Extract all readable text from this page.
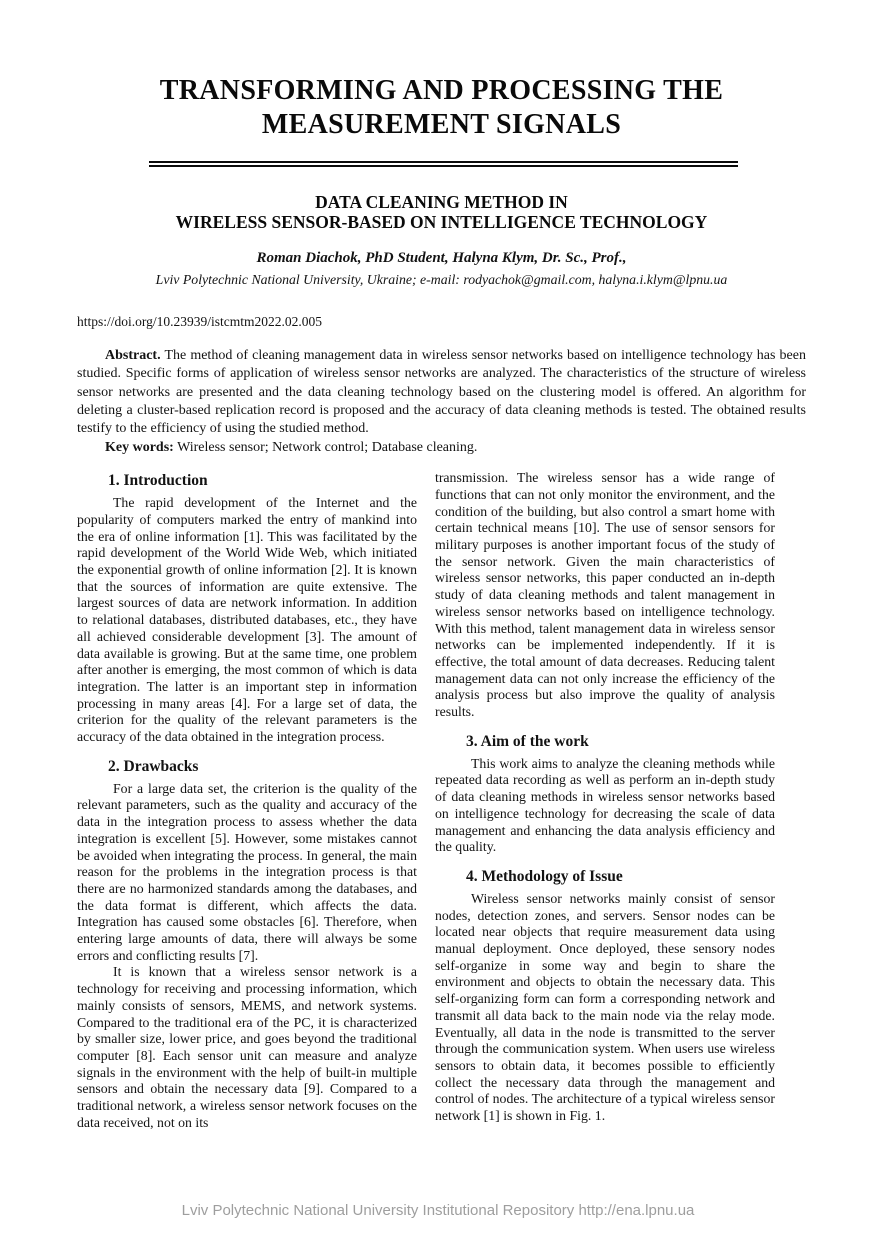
TRANSFORMING AND PROCESSING THE
MEASUREMENT SIGNALS
DATA CLEANING METHOD IN
WIRELESS SENSOR-BASED ON INTELLIGENCE TECHNOLOGY
Roman Diachok, PhD Student, Halyna Klym, Dr. Sc., Prof.,
Lviv Polytechnic National University, Ukraine; e-mail: rodyachok@gmail.com, halyna.i.klym@lpnu.ua
https://doi.org/10.23939/istcmtm2022.02.005

Abstract. The method of cleaning management data in wireless sensor networks based on intelligence technology has been studied. Specific forms of application of wireless sensor networks are analyzed. The characteristics of the structure of wireless sensor networks are presented and the data cleaning technology based on the clustering model is offered. An algorithm for deleting a cluster-based replication record is proposed and the accuracy of data cleaning methods is tested. The obtained results testify to the efficiency of using the studied method.

Key words: Wireless sensor; Network control; Database cleaning.

1. Introduction

The rapid development of the Internet and the popularity of computers marked the entry of mankind into the era of online information [1]. This was facilitated by the rapid development of the World Wide Web, which initiated the exponential growth of online information [2]. It is known that the sources of information are quite extensive. The largest sources of data are network information. In addition to relational databases, distributed databases, etc., they have all achieved considerable development [3]. The amount of data available is growing. But at the same time, one problem after another is emerging, the most common of which is data integration. The latter is an important step in information processing in many areas [4]. For a large set of data, the criterion for the quality of the relevant parameters is the accuracy of the data obtained in the integration process.

2. Drawbacks

For a large data set, the criterion is the quality of the relevant parameters, such as the quality and accuracy of the data in the integration process to assess whether the data integration is excellent [5]. However, some mistakes cannot be avoided when integrating the process. In general, the main reason for the problems in the integration process is that there are no harmonized standards among the databases, and the data format is different, which affects the data. Integration has caused some obstacles [6]. Therefore, when entering large amounts of data, there will always be some errors and conflicting results [7].

It is known that a wireless sensor network is a technology for receiving and processing information, which mainly consists of sensors, MEMS, and network systems. Compared to the traditional era of the PC, it is characterized by smaller size, lower price, and goes beyond the traditional computer [8]. Each sensor unit can measure and analyze signals in the environment with the help of built-in multiple sensors and obtain the necessary data [9]. Compared to a traditional network, a wireless sensor network focuses on the data received, not on its

transmission. The wireless sensor has a wide range of functions that can not only monitor the environment, and the condition of the building, but also control a smart home with certain technical means [10]. The use of sensor sensors for military purposes is another important focus of the study of the sensor network. Given the main characteristics of wireless sensor networks, this paper conducted an in-depth study of data cleaning methods and talent management in wireless sensor networks based on intelligence technology. With this method, talent management data in wireless sensor networks can be implemented independently. If it is effective, the total amount of data decreases. Reducing talent management data can not only increase the efficiency of the analysis process but also improve the quality of analysis results.

3. Aim of the work

This work aims to analyze the cleaning methods while repeated data recording as well as perform an in-depth study of data cleaning methods in wireless sensor networks based on intelligence technology for decreasing the scale of data management and enhancing the data analysis efficiency and the quality.

4. Methodology of Issue

Wireless sensor networks mainly consist of sensor nodes, detection zones, and servers. Sensor nodes can be located near objects that require measurement data using manual deployment. Once deployed, these sensory nodes self-organize in some way and begin to share the environment and objects to obtain the necessary data. This self-organizing form can form a corresponding network and transmit all data back to the main node via the relay mode. Eventually, all data in the node is transmitted to the server through the communication system. When users use wireless sensors to obtain data, it becomes possible to efficiently collect the necessary data through the management and control of nodes. The architecture of a typical wireless sensor network [1] is shown in Fig. 1.

Lviv Polytechnic National University Institutional Repository http://ena.lpnu.ua
